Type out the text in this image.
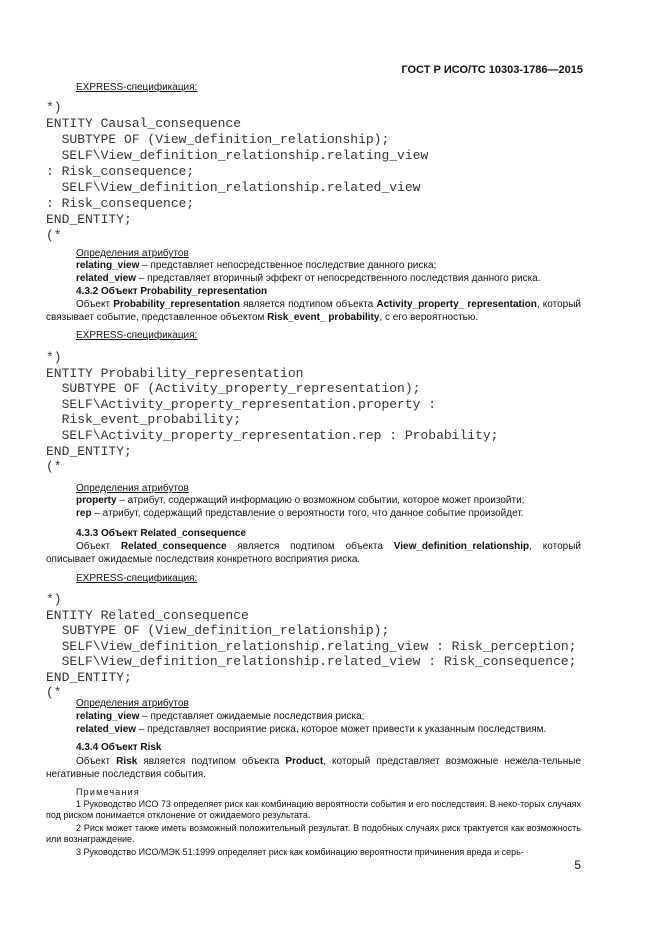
ГОСТ Р ИСО/ТС 10303-1786—2015
EXPRESS-спецификация:
*)
ENTITY Causal_consequence
SUBTYPE OF (View_definition_relationship);
SELF\View_definition_relationship.relating_view
: Risk_consequence;
SELF\View_definition_relationship.related_view
: Risk_consequence;
END_ENTITY;
(*
Определения атрибутов
relating_view – представляет непосредственное последствие данного риска;
related_view – представляет вторичный эффект от непосредственного последствия данного риска.
4.3.2 Объект Probability_representation
Объект Probability_representation является подтипом объекта Activity_property_ representation, который связывает событие, представленное объектом Risk_event_ probability, с его вероятностью.
EXPRESS-спецификация:
*)
ENTITY Probability_representation
SUBTYPE OF (Activity_property_representation);
SELF\Activity_property_representation.property :
Risk_event_probability;
SELF\Activity_property_representation.rep : Probability;
END_ENTITY;
(*
Определения атрибутов
property – атрибут, содержащий информацию о возможном событии, которое может произойти;
rep – атрибут, содержащий представление о вероятности того, что данное событие произойдет.
4.3.3 Объект Related_consequence
Объект Related_consequence является подтипом объекта View_definition_relationship, который описывает ожидаемые последствия конкретного восприятия риска.
EXPRESS-спецификация:
*)
ENTITY Related_consequence
SUBTYPE OF (View_definition_relationship);
SELF\View_definition_relationship.relating_view : Risk_perception;
SELF\View_definition_relationship.related_view : Risk_consequence;
END_ENTITY;
(*
Определения атрибутов
relating_view – представляет ожидаемые последствия риска;
related_view – представляет восприятие риска, которое может привести к указанным последствиям.
4.3.4 Объект Risk
Объект Risk является подтипом объекта Product, который представляет возможные нежела-тельные негативные последствия события.
Примечания
1 Руководство ИСО 73 определяет риск как комбинацию вероятности события и его последствия. В неко-торых случаях под риском понимается отклонение от ожидаемого результата.
2 Риск может также иметь возможный положительный результат. В подобных случаях риск трактуется как возможность или вознаграждение.
3 Руководство ИСО/МЭК 51:1999 определяет риск как комбинацию вероятности причинения вреда и серь-
5
